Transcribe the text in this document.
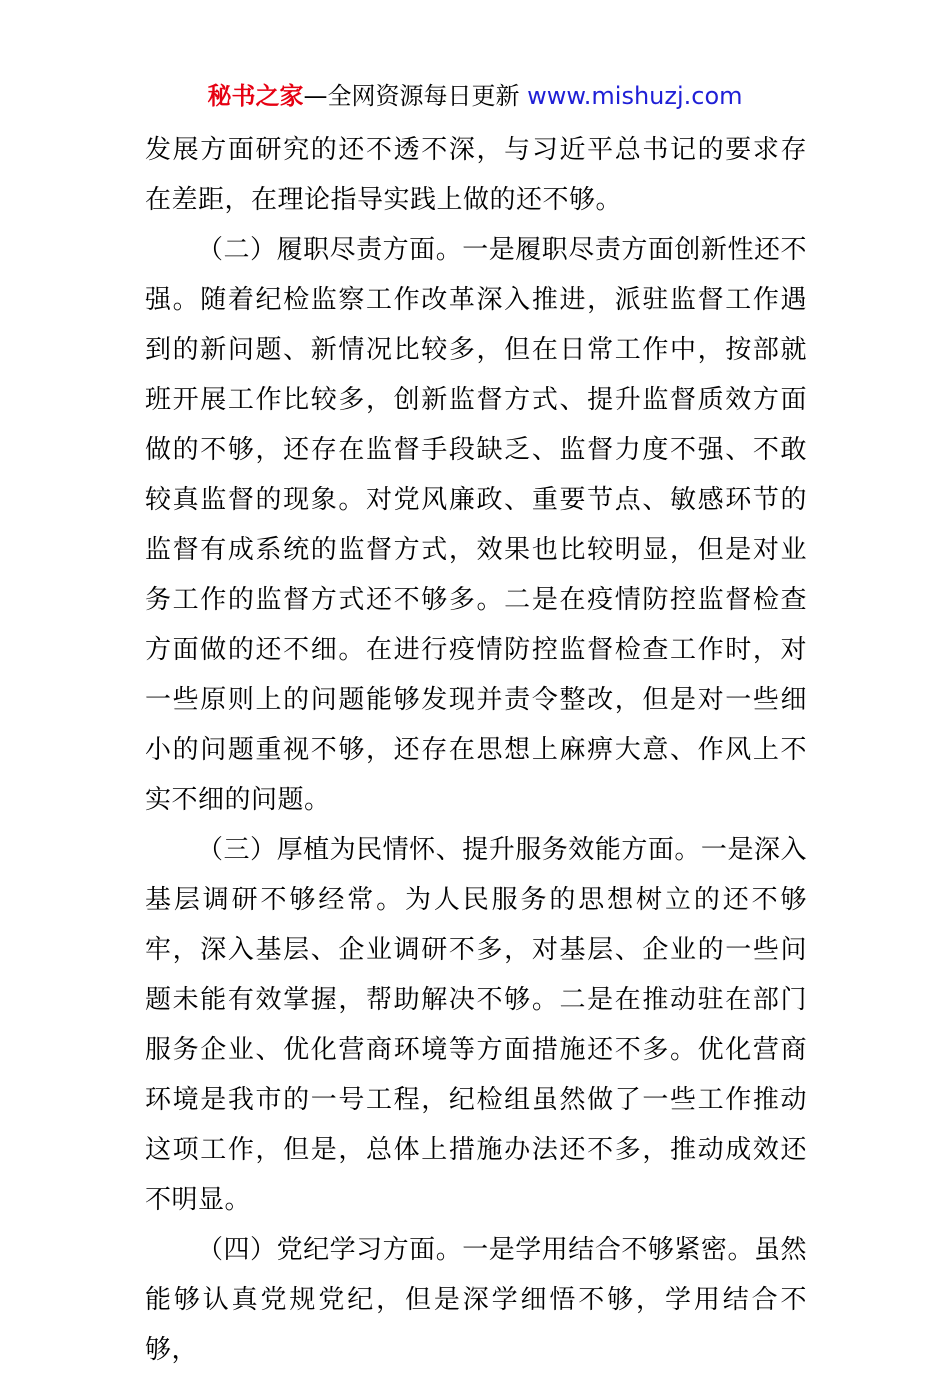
秘书之家—全网资源每日更新 www.mishuzj.com

发展方面研究的还不透不深，与习近平总书记的要求存在差距，在理论指导实践上做的还不够。

（二）履职尽责方面。一是履职尽责方面创新性还不强。随着纪检监察工作改革深入推进，派驻监督工作遇到的新问题、新情况比较多，但在日常工作中，按部就班开展工作比较多，创新监督方式、提升监督质效方面做的不够，还存在监督手段缺乏、监督力度不强、不敢较真监督的现象。对党风廉政、重要节点、敏感环节的监督有成系统的监督方式，效果也比较明显，但是对业务工作的监督方式还不够多。二是在疫情防控监督检查方面做的还不细。在进行疫情防控监督检查工作时，对一些原则上的问题能够发现并责令整改，但是对一些细小的问题重视不够，还存在思想上麻痹大意、作风上不实不细的问题。

（三）厚植为民情怀、提升服务效能方面。一是深入基层调研不够经常。为人民服务的思想树立的还不够牢，深入基层、企业调研不多，对基层、企业的一些问题未能有效掌握，帮助解决不够。二是在推动驻在部门服务企业、优化营商环境等方面措施还不多。优化营商环境是我市的一号工程，纪检组虽然做了一些工作推动这项工作，但是，总体上措施办法还不多，推动成效还不明显。

（四）党纪学习方面。一是学用结合不够紧密。虽然能够认真党规党纪，但是深学细悟不够，学用结合不够，
